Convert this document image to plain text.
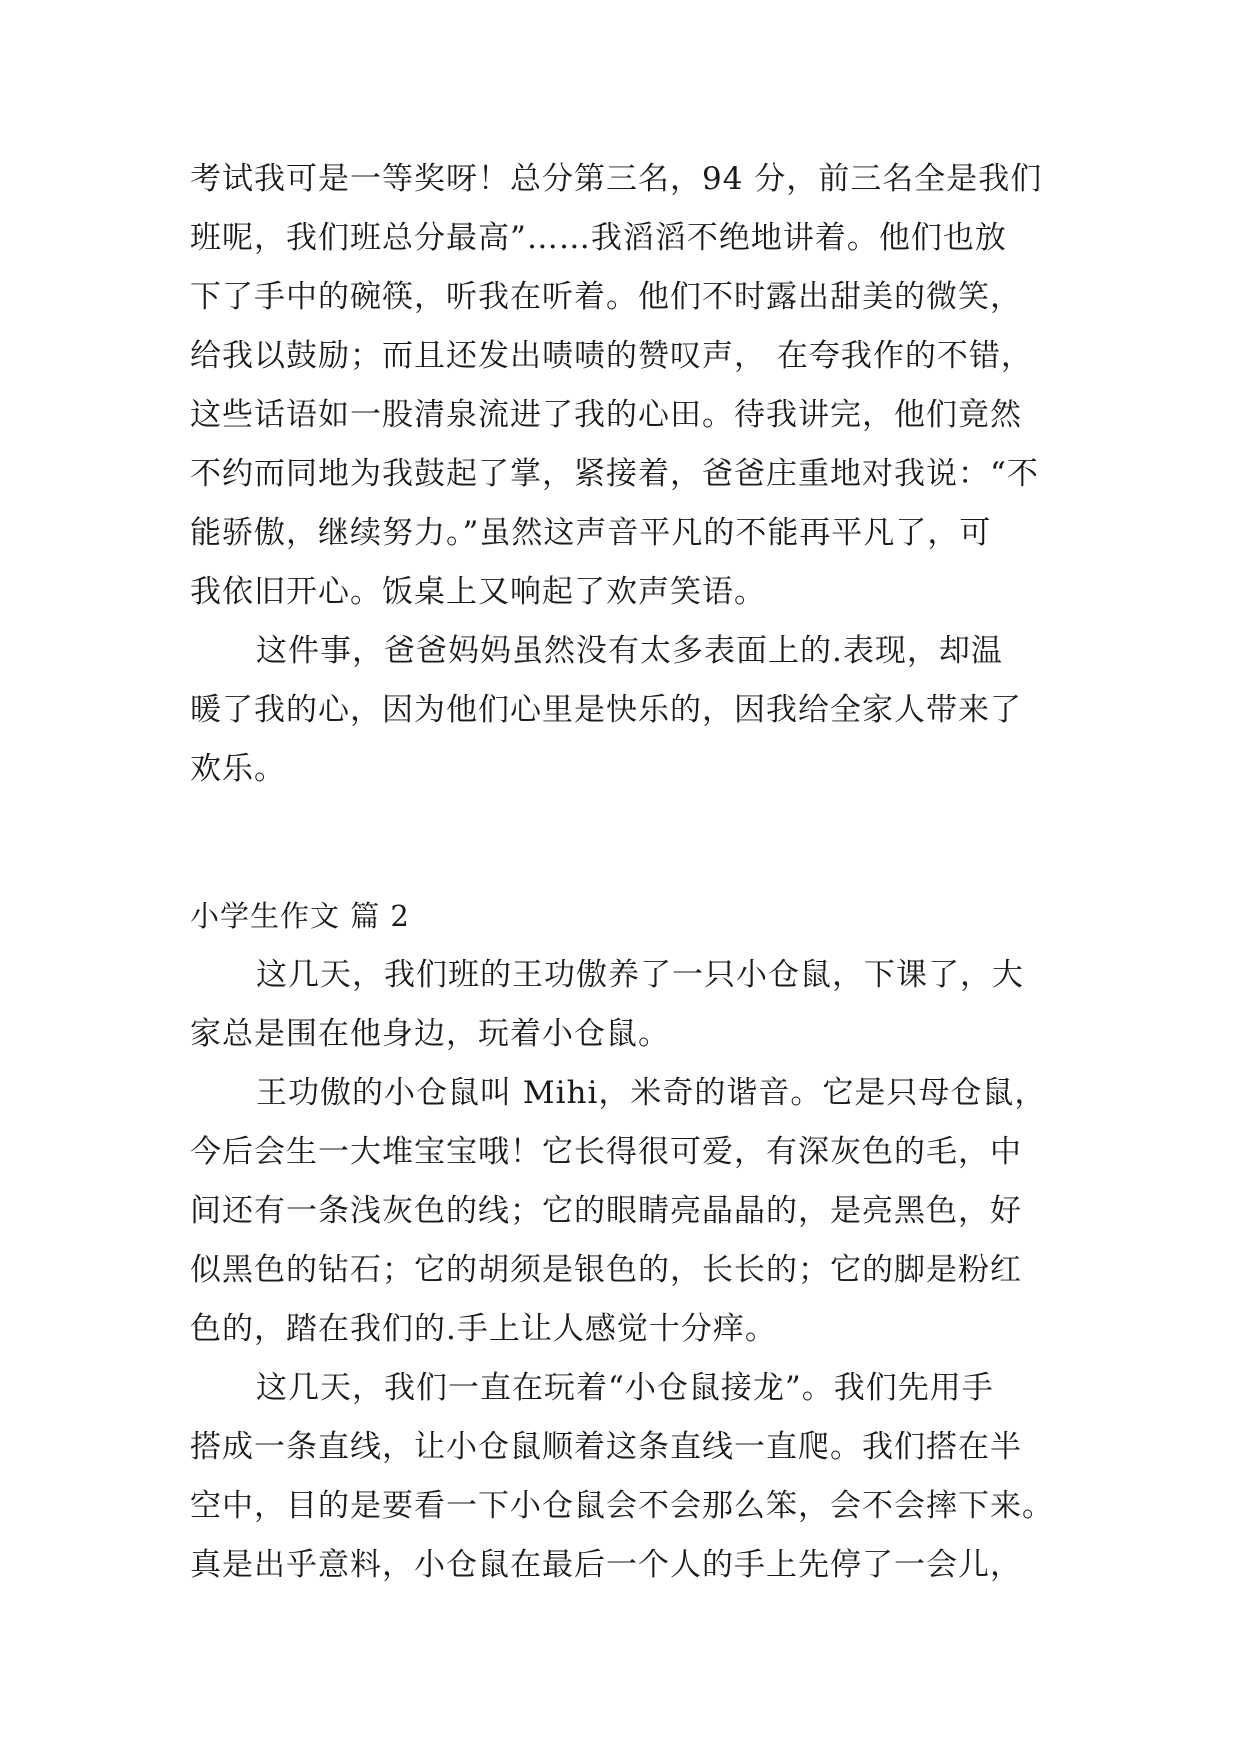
考试我可是一等奖呀！总分第三名，94 分，前三名全是我们
班呢，我们班总分最高”……我滔滔不绝地讲着。他们也放
下了手中的碗筷，听我在听着。他们不时露出甜美的微笑，
给我以鼓励；而且还发出啧啧的赞叹声， 在夸我作的不错，
这些话语如一股清泉流进了我的心田。待我讲完，他们竟然
不约而同地为我鼓起了掌，紧接着，爸爸庄重地对我说：“不
能骄傲，继续努力。”虽然这声音平凡的不能再平凡了，可
我依旧开心。饭桌上又响起了欢声笑语。
这件事，爸爸妈妈虽然没有太多表面上的.表现，却温
暖了我的心，因为他们心里是快乐的，因我给全家人带来了
欢乐。
小学生作文 篇 2
这几天，我们班的王功傲养了一只小仓鼠，下课了，大
家总是围在他身边，玩着小仓鼠。
王功傲的小仓鼠叫 Mihi，米奇的谐音。它是只母仓鼠，
今后会生一大堆宝宝哦！它长得很可爱，有深灰色的毛，中
间还有一条浅灰色的线；它的眼睛亮晶晶的，是亮黑色，好
似黑色的钻石；它的胡须是银色的，长长的；它的脚是粉红
色的，踏在我们的.手上让人感觉十分痒。
这几天，我们一直在玩着“小仓鼠接龙”。我们先用手
搭成一条直线，让小仓鼠顺着这条直线一直爬。我们搭在半
空中，目的是要看一下小仓鼠会不会那么笨，会不会摔下来。
真是出乎意料，小仓鼠在最后一个人的手上先停了一会儿，
